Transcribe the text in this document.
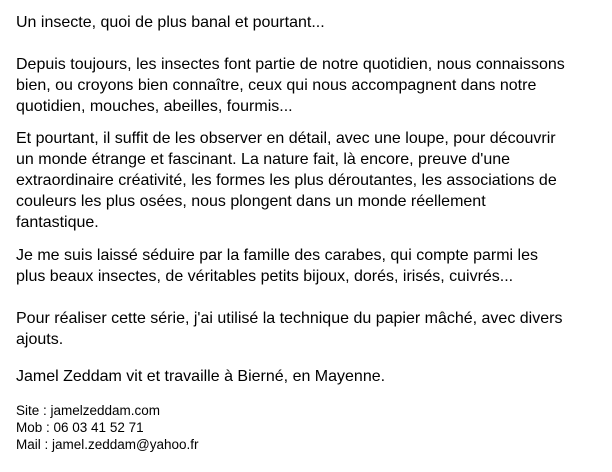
Un insecte, quoi de plus banal et pourtant...

Depuis toujours, les insectes font partie de notre quotidien, nous connaissons
bien, ou croyons bien connaître, ceux qui nous accompagnent dans notre
quotidien, mouches, abeilles, fourmis...

Et pourtant, il suffit de les observer en détail, avec une loupe, pour découvrir
un monde étrange et fascinant. La nature fait, là encore, preuve d'une
extraordinaire créativité, les formes les plus déroutantes, les associations de
couleurs les plus osées, nous plongent dans un monde réellement
fantastique.

Je me suis laissé séduire par la famille des carabes, qui compte parmi les
plus beaux insectes, de véritables petits bijoux, dorés, irisés, cuivrés...

Pour réaliser cette série, j'ai utilisé la technique du papier mâché, avec divers
ajouts.

Jamel Zeddam vit et travaille à Bierné, en Mayenne.

Site : jamelzeddam.com
Mob : 06 03 41 52 71
Mail : jamel.zeddam@yahoo.fr
